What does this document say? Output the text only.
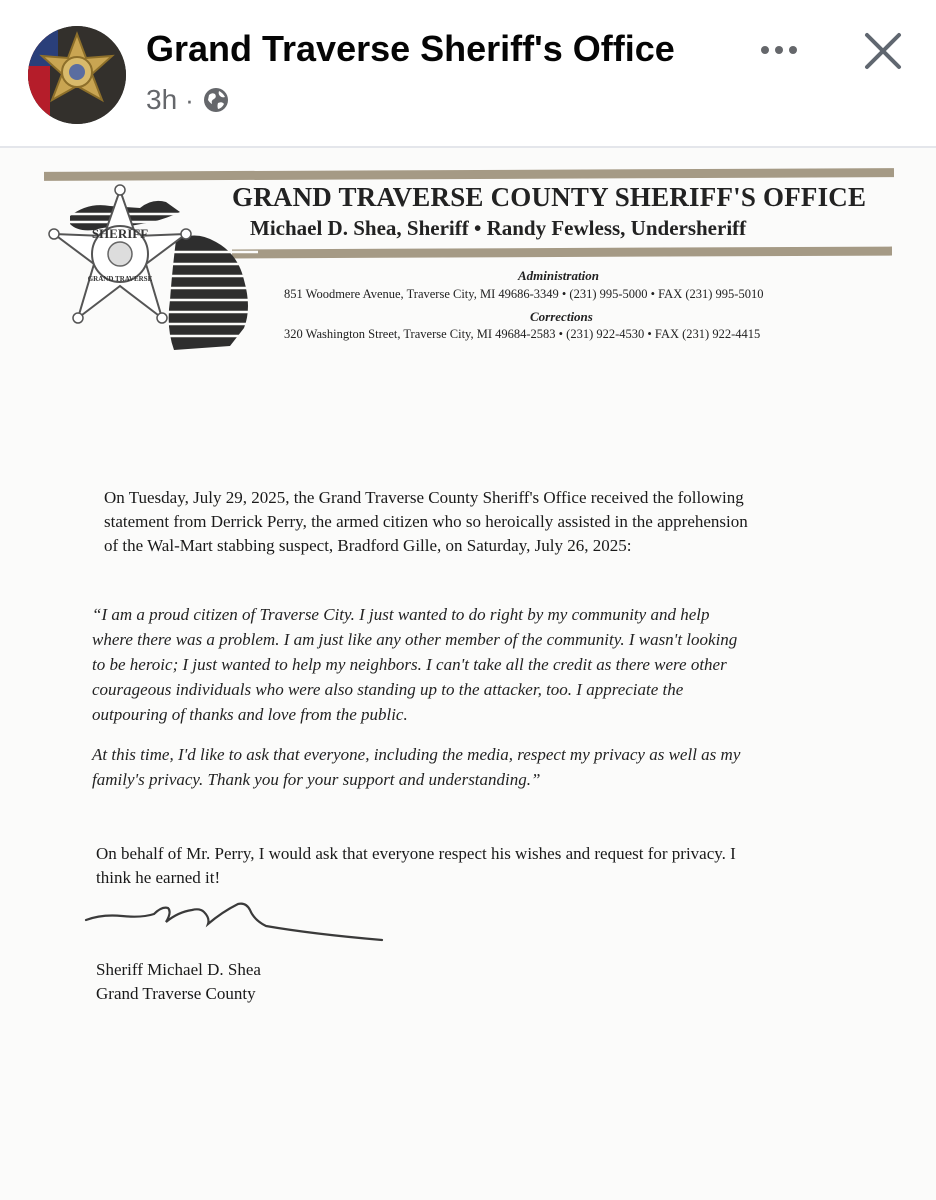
Grand Traverse Sheriff's Office
3h ·
SHERIFF
GRAND TRAVERSE
GRAND TRAVERSE COUNTY SHERIFF'S OFFICE
Michael D. Shea, Sheriff • Randy Fewless, Undersheriff
Administration
851 Woodmere Avenue, Traverse City, MI 49686-3349 • (231) 995-5000 • FAX (231) 995-5010
Corrections
320 Washington Street, Traverse City, MI 49684-2583 • (231) 922-4530 • FAX (231) 922-4415
On Tuesday, July 29, 2025, the Grand Traverse County Sheriff's Office received the following
statement from Derrick Perry, the armed citizen who so heroically assisted in the apprehension
of the Wal-Mart stabbing suspect, Bradford Gille, on Saturday, July 26, 2025:
“I am a proud citizen of Traverse City. I just wanted to do right by my community and help
where there was a problem. I am just like any other member of the community. I wasn't looking
to be heroic; I just wanted to help my neighbors. I can't take all the credit as there were other
courageous individuals who were also standing up to the attacker, too. I appreciate the
outpouring of thanks and love from the public.
At this time, I'd like to ask that everyone, including the media, respect my privacy as well as my
family's privacy. Thank you for your support and understanding.”
On behalf of Mr. Perry, I would ask that everyone respect his wishes and request for privacy. I
think he earned it!
Sheriff Michael D. Shea
Grand Traverse County
